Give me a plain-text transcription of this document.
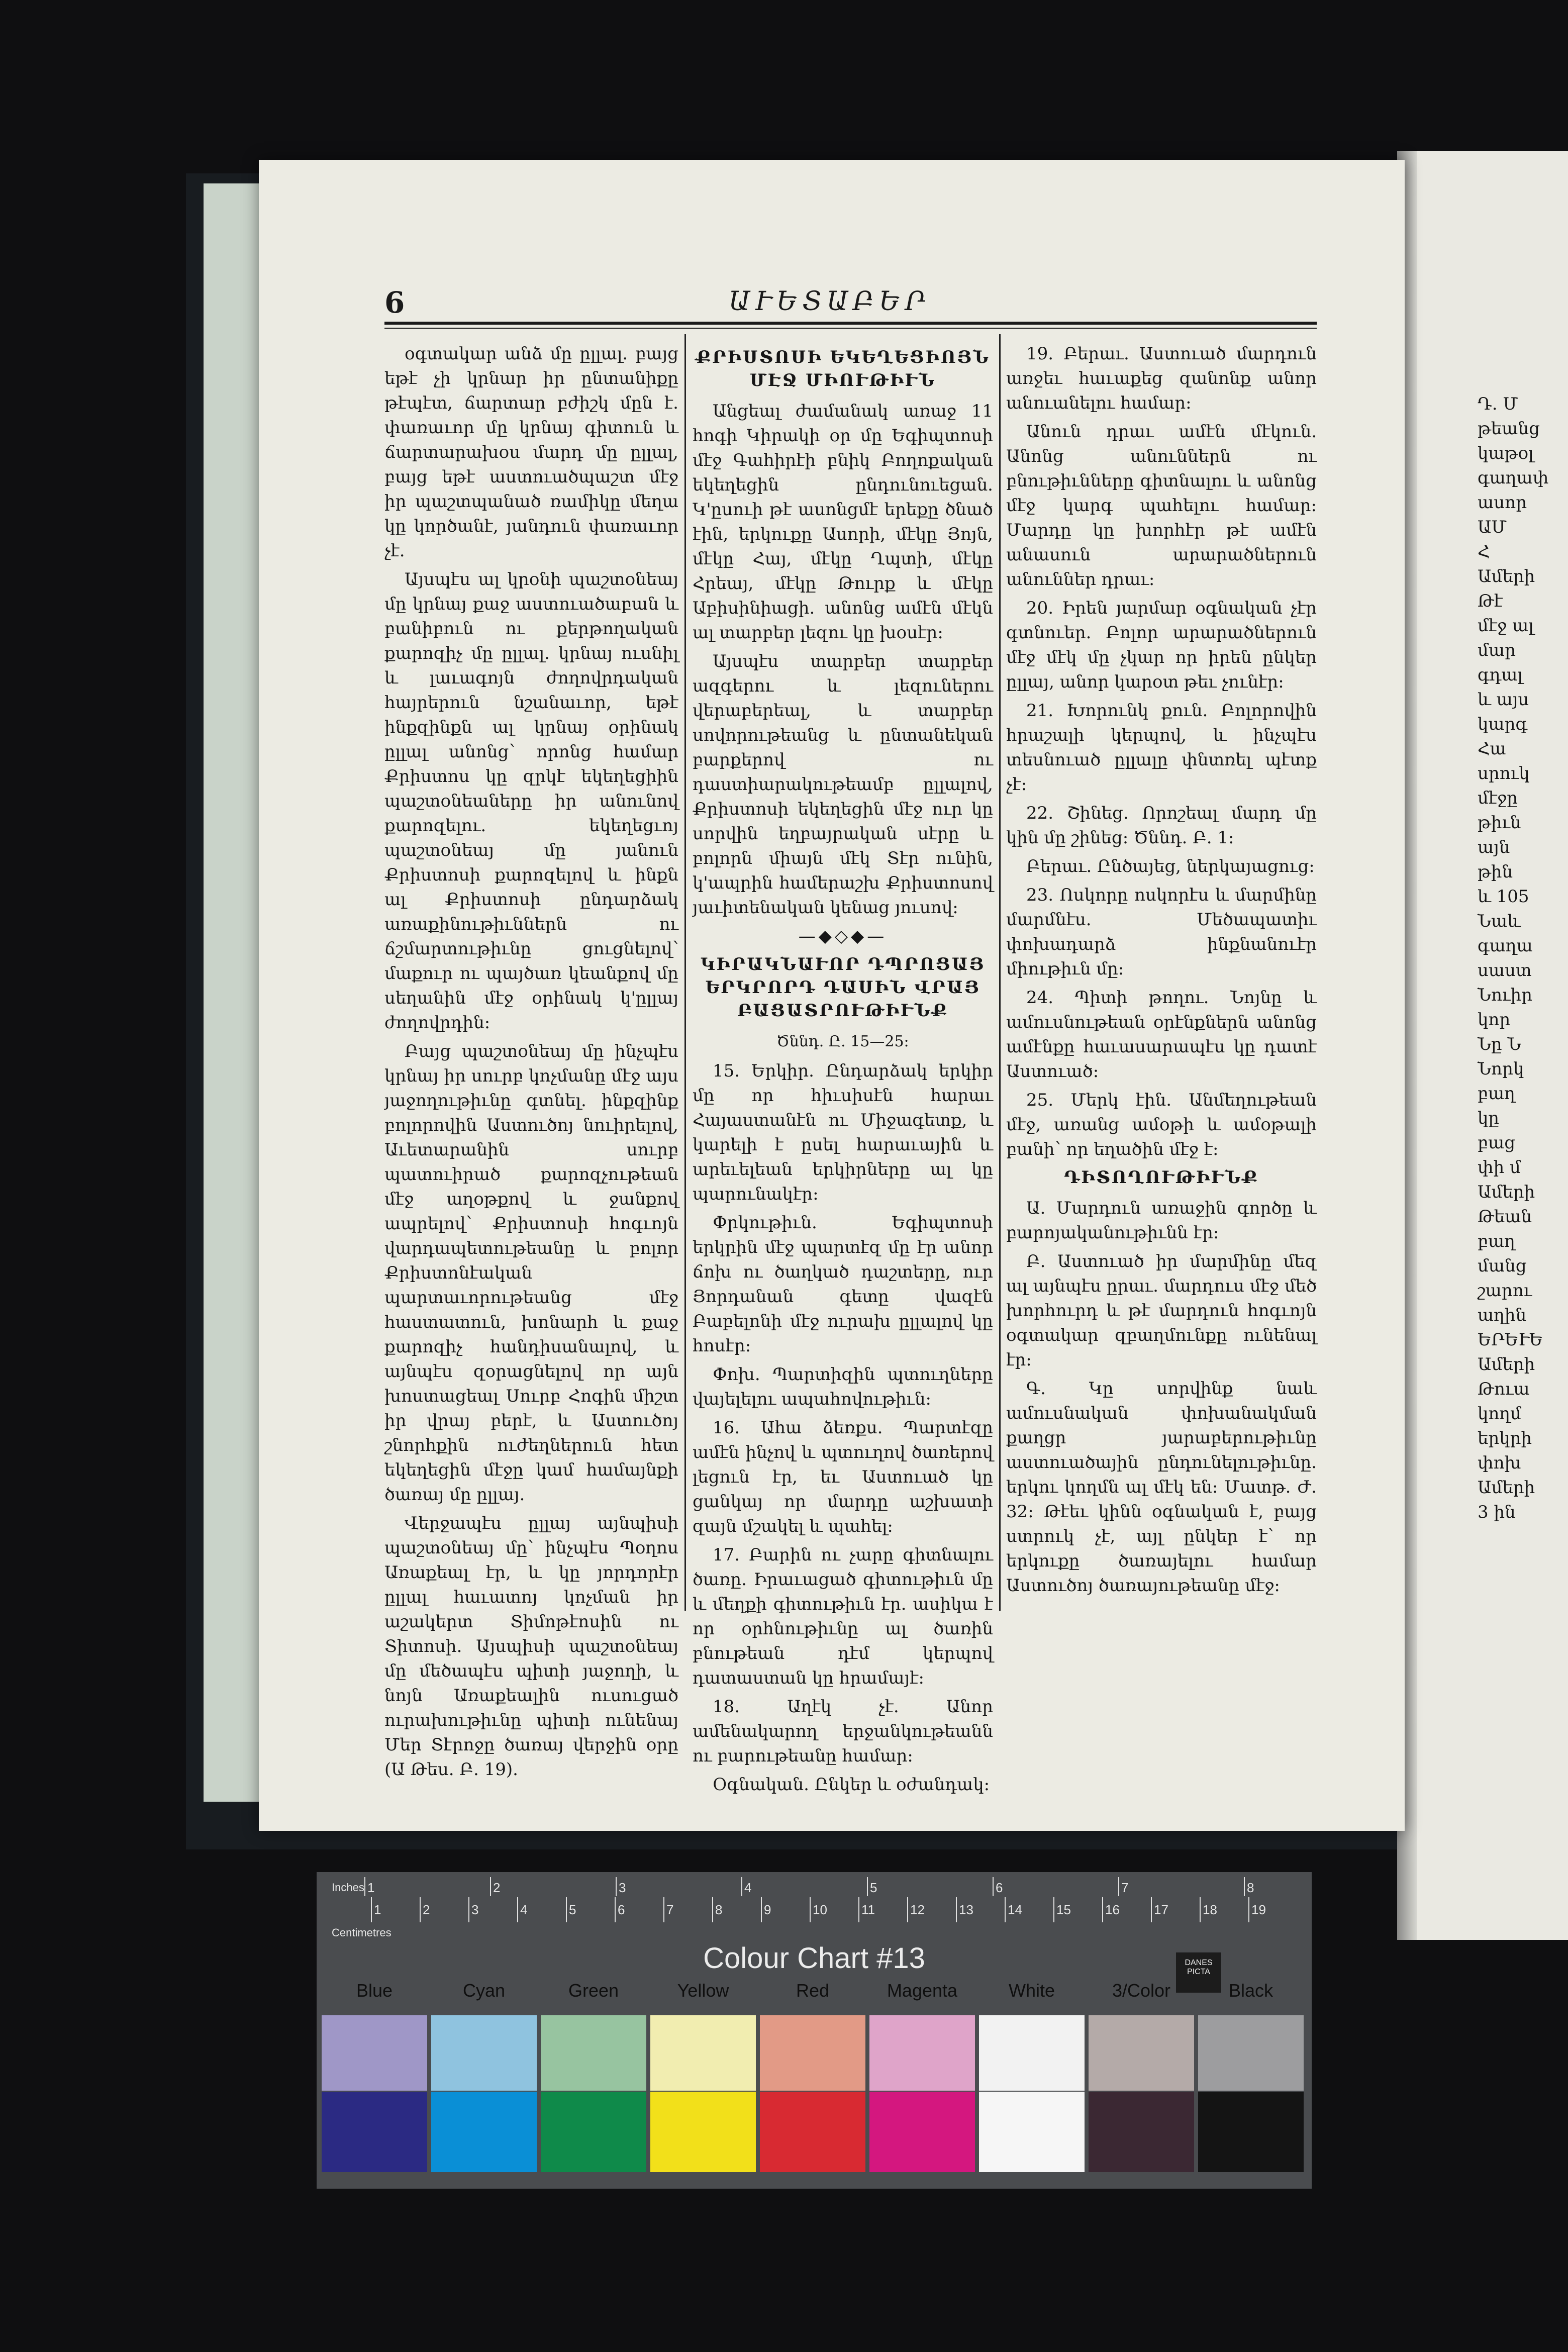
Դ. Մ
թեանց
կաթօլ
գաղափ
ասոր
ԱՄ
Հ
Ամերի
Թէ
մէջ ալ
մար
գդալ
և այս
կարգ
Հա
սրուկ
մէջը
թիւն
այն
թին
և 105
Նաև
գաղա
սաստ
Նուիր
կոր
Նը Ն
Նորկ
բաղ
կը
բաց
փի մ
Ամերի
Թեան
բաղ
մանց
շարու
աղին
ԵՐԵՒԵ
Ամերի
Թուա
կողմ
երկրի
փոխ
Ամերի
3 ին
6	ԱՒԵՏԱԲԵՐ

օգտակար անձ մը ըլլալ. բայց եթէ չի կրնար իր ընտանիքը թէպէտ, ճարտար բժիշկ մըն է. փառաւոր մը կրնայ գիտուն և ճարտարախօս մարդ մը ըլլալ, բայց եթէ աստուածպաշտ մէջ իր պաշտպանած ռամիկը մեղա կը կործանէ, յանդուն փառաւոր չէ.

Այսպէս ալ կրօնի պաշտօնեայ մը կրնայ քաջ աստուածաբան և բանիբուն ու քերթողական քարոզիչ մը ըլլալ. կրնայ ուսնիլ և լաւագոյն ժողովրդական հայրերուն նշանաւոր, եթէ ինքզինքն ալ կրնայ օրինակ ըլլալ անոնց՝ որոնց համար Քրիստոս կը զրկէ եկեղեցիին պաշտօնեաները իր անունով քարոզելու. եկեղեցւոյ պաշտօնեայ մը յանուն Քրիստոսի քարոզելով և ինքն ալ Քրիստոսի ընդարձակ առաքինութիւններն ու ճշմարտութիւնը ցուցնելով՝ մաքուր ու պայծառ կեանքով մը սեղանին մէջ օրինակ կ'ըլլայ ժողովրդին:

Բայց պաշտօնեայ մը ինչպէս կրնայ իր սուրբ կոչմանը մէջ այս յաջողութիւնը գտնել. ինքզինք բոլորովին Աստուծոյ նուիրելով, Աւետարանին սուրբ պատուիրած քարոզչութեան մէջ աղօթքով և ջանքով ապրելով՝ Քրիստոսի հոգւոյն վարդապետութեանը և բոլոր Քրիստոնէական պարտաւորութեանց մէջ հաստատուն, խոնարհ և քաջ քարոզիչ հանդիսանալով, և այնպէս զօրացնելով որ այն խոստացեալ Սուրբ Հոգին միշտ իր վրայ բերէ, և Աստուծոյ շնորհքին ուժեղներուն հետ եկեղեցին մէջը կամ համայնքի ծառայ մը ըլլայ.

Վերջապէս ըլլայ այնպիսի պաշտօնեայ մը՝ ինչպէս Պօղոս Առաքեալ էր, և կը յորդորէր ըլլալ հաւատոյ կոչման իր աշակերտ Տիմոթէոսին ու Տիտոսի. Այսպիսի պաշտօնեայ մը մեծապէս պիտի յաջողի, և նոյն Առաքեալին ուսուցած ուրախութիւնը պիտի ունենայ Մեր Տէրոջը ծառայ վերջին օրը (Ա Թես. Բ. 19).

ՔՐԻՍՏՈՍԻ ԵԿԵՂԵՑԻՈՅՆ ՄԷՋ ՄԻՈՒԹԻՒՆ

Անցեալ ժամանակ առաջ 11 հոգի Կիրակի օր մը Եգիպտոսի մէջ Գահիրէի բնիկ Բողոքական եկեղեցին ընդունուեցան. Կ'ըսուի թէ ասոնցմէ երեքը ծնած էին, երկուքը Ասորի, մէկը Յոյն, մէկը Հայ, մէկը Ղպտի, մէկը Հրեայ, մէկը Թուրք և մէկը Աբիսինիացի. անոնց ամէն մէկն ալ տարբեր լեզու կը խօսէր:

Այսպէս տարբեր տարբեր ազգերու և լեզուներու վերաբերեալ, և տարբեր սովորութեանց և ընտանեկան բարքերով ու դաստիարակութեամբ ըլլալով, Քրիստոսի եկեղեցին մէջ ուր կը սորվին եղբայրական սէրը և բոլորն միայն մէկ Տէր ունին, կ'ապրին համերաշխ Քրիստոսով յաւիտենական կենաց յուսով:

—◆◇◆—
ԿԻՐԱԿՆԱՒՈՐ ԴՊՐՈՑԱՅ ԵՐԿՐՈՐԴ ԴԱՍԻՆ ՎՐԱՅ ԲԱՑԱՏՐՈՒԹԻՒՆՔ
Ծննդ. Ը. 15—25:

15. Երկիր. Ընդարձակ երկիր մը որ հիւսիսէն հարաւ Հայաստանէն ու Միջագետք, և կարելի է ըսել հարաւային և արեւելեան երկիրները ալ կը պարունակէր:

Փրկութիւն. Եգիպտոսի երկրին մէջ պարտէզ մը էր անոր ճոխ ու ծաղկած դաշտերը, ուր Յորդանան գետը վազէն Բաբելոնի մէջ ուրախ ըլլալով կը հոսէր:

Փոխ. Պարտիզին պտուղները վայելելու ապահովութիւն:

16. Ահա ձեռքս. Պարտէզը ամէն ինչով և պտուղով ծառերով լեցուն էր, եւ Աստուած կը ցանկայ որ մարդը աշխատի զայն մշակել և պահել:

17. Բարին ու չարը գիտնալու ծառը. Իրաւացած գիտութիւն մը և մեղքի գիտութիւն էր. ասիկա է որ օրհնութիւնը ալ ծառին բնութեան դէմ կերպով դատաստան կը հրամայէ:

18. Աղէկ չէ. Անոր ամենակարող երջանկութեանն ու բարութեանը համար:

Օգնական. Ընկեր և օժանդակ:

19. Բերաւ. Աստուած մարդուն առջեւ հաւաքեց զանոնք անոր անուանելու համար:

Անուն դրաւ ամէն մէկուն. Անոնց անուններն ու բնութիւնները գիտնալու և անոնց մէջ կարգ պահելու համար: Մարդը կը խորհէր թէ ամէն անասուն արարածներուն անուններ դրաւ:

20. Իրեն յարմար օգնական չէր գտնուեր. Բոլոր արարածներուն մէջ մէկ մը չկար որ իրեն ընկեր ըլլայ, անոր կարօտ թեւ չունէր:

21. Խորունկ քուն. Բոլորովին հրաշալի կերպով, և ինչպէս տեսնուած ըլլալը փնտռել պէտք չէ:

22. Շինեց. Որոշեալ մարդ մը կին մը շինեց: Ծննդ. Բ. 1:

Բերաւ. Ընծայեց, ներկայացուց:

23. Ոսկորը ոսկորէս և մարմինը մարմնէս. Մեծապատիւ փոխադարձ ինքնանուէր միութիւն մը:

24. Պիտի թողու. Նոյնը և ամուսնութեան օրէնքներն անոնց ամէնքը հաւասարապէս կը դատէ Աստուած:

25. Մերկ էին. Անմեղութեան մէջ, առանց ամօթի և ամօթալի բանի՝ որ եղածին մէջ է:

ԴԻՏՈՂՈՒԹԻՒՆՔ

Ա. Մարդուն առաջին գործը և բարոյականութիւնն էր:

Բ. Աստուած իր մարմինը մեզ ալ այնպէս ըրաւ. մարդուս մէջ մեծ խորհուրդ և թէ մարդուն հոգւոյն օգտակար զբաղմունքը ունենալ էր:

Գ. Կը սորվինք նաև ամուսնական փոխանակման քաղցր յարաբերութիւնը աստուածային ընդունելութիւնը. երկու կողմն ալ մէկ են: Մատթ. Ժ. 32: Թէեւ կինն օգնական է, բայց ստրուկ չէ, այլ ընկեր է՝ որ երկուքը ծառայելու համար Աստուծոյ ծառայութեանը մէջ:

Inches
Centimetres
1	2	3	4	5	6	7	8
1	2	3	4	5	6	7	8	9	10	11	12	13	14	15	16	17	18	19
Colour Chart #13	DANES PICTA
Blue	Cyan	Green	Yellow	Red	Magenta	White	3/Color	Black
